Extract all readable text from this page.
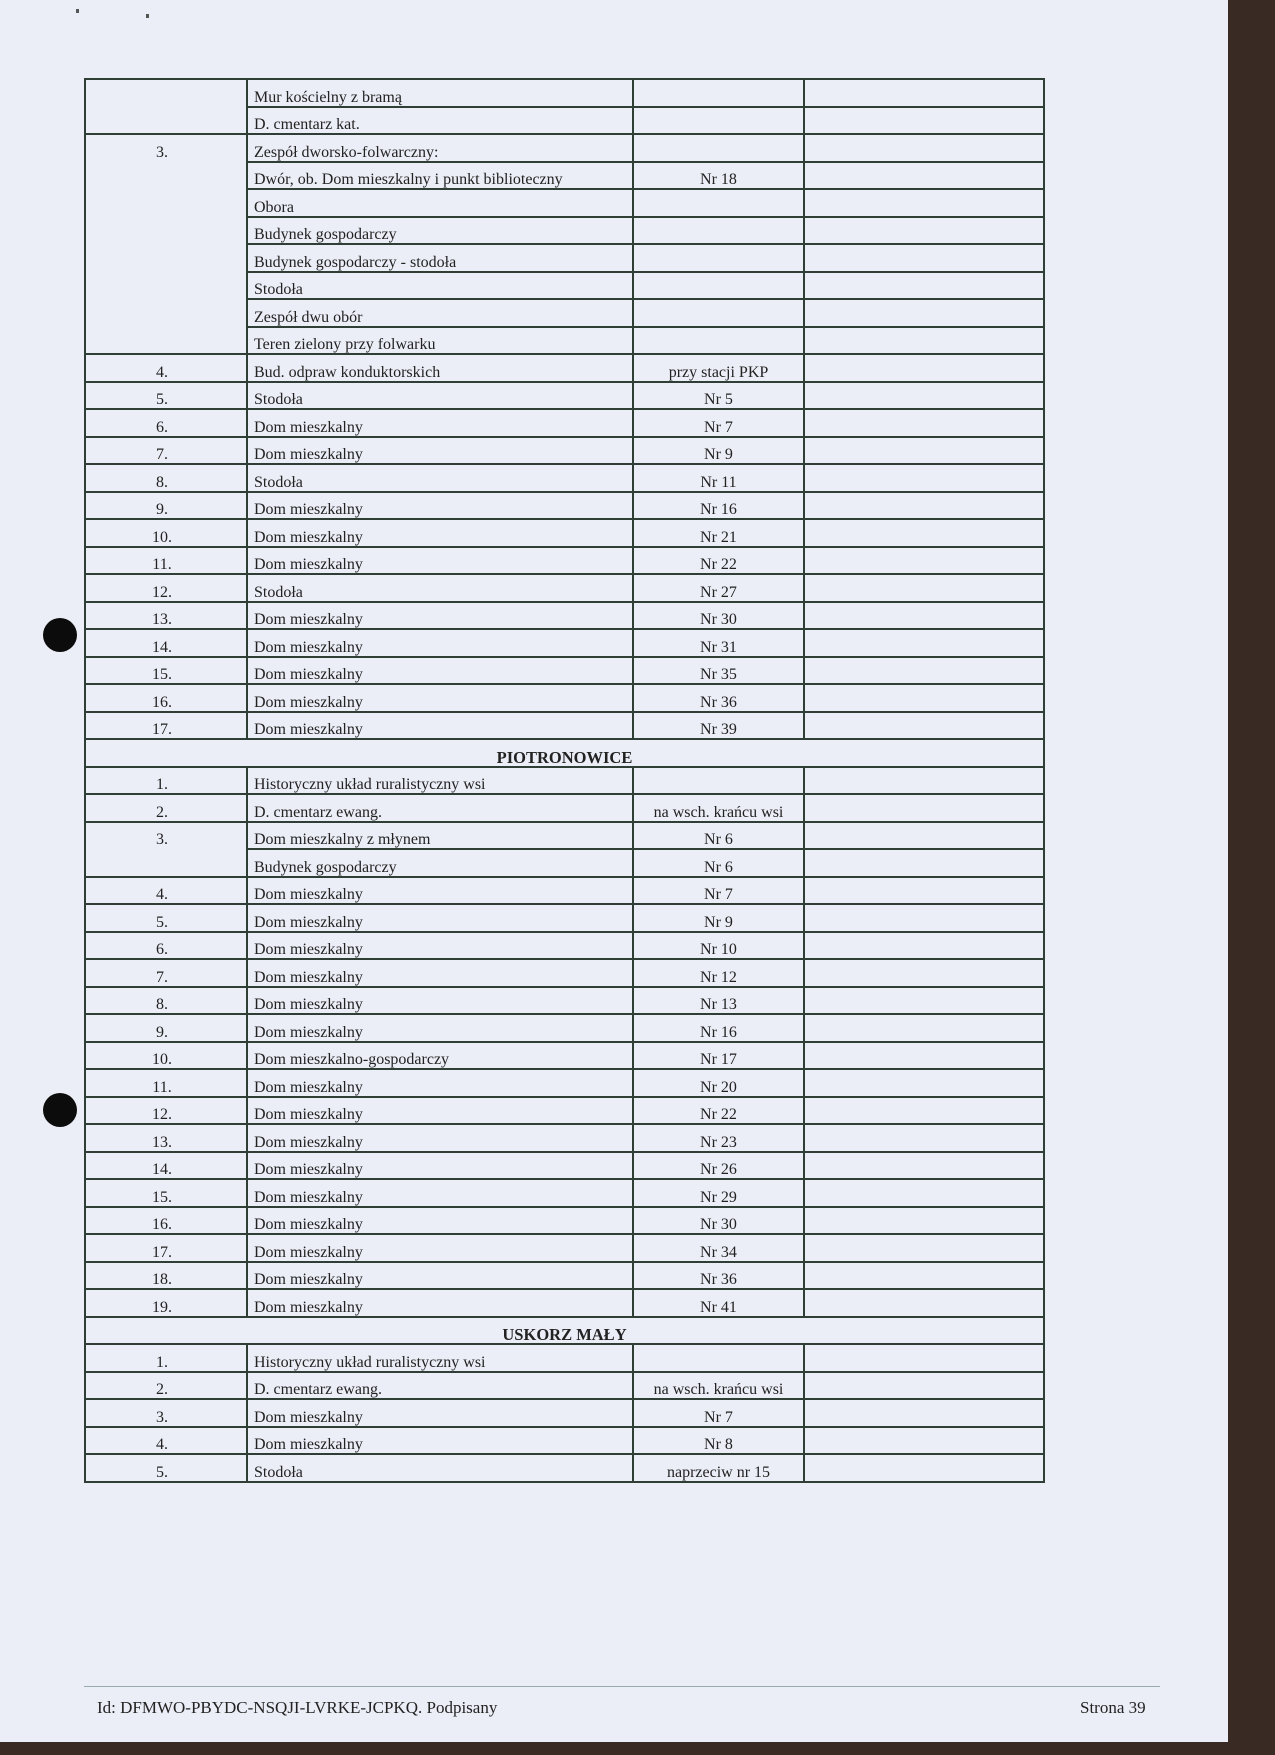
	Mur kościelny z bramą		
	D. cmentarz kat.		
3.	Zespół dworsko-folwarczny:		
	Dwór, ob. Dom mieszkalny i punkt biblioteczny	Nr 18	
	Obora		
	Budynek gospodarczy		
	Budynek gospodarczy - stodoła		
	Stodoła		
	Zespół dwu obór		
	Teren zielony przy folwarku		
4.	Bud. odpraw konduktorskich	przy stacji PKP	
5.	Stodoła	Nr 5	
6.	Dom mieszkalny	Nr 7	
7.	Dom mieszkalny	Nr 9	
8.	Stodoła	Nr 11	
9.	Dom mieszkalny	Nr 16	
10.	Dom mieszkalny	Nr 21	
11.	Dom mieszkalny	Nr 22	
12.	Stodoła	Nr 27	
13.	Dom mieszkalny	Nr 30	
14.	Dom mieszkalny	Nr 31	
15.	Dom mieszkalny	Nr 35	
16.	Dom mieszkalny	Nr 36	
17.	Dom mieszkalny	Nr 39	
PIOTRONOWICE			
1.	Historyczny układ ruralistyczny wsi		
2.	D. cmentarz ewang.	na wsch. krańcu wsi	
3.	Dom mieszkalny z młynem	Nr 6	
	Budynek gospodarczy	Nr 6	
4.	Dom mieszkalny	Nr 7	
5.	Dom mieszkalny	Nr 9	
6.	Dom mieszkalny	Nr 10	
7.	Dom mieszkalny	Nr 12	
8.	Dom mieszkalny	Nr 13	
9.	Dom mieszkalny	Nr 16	
10.	Dom mieszkalno-gospodarczy	Nr 17	
11.	Dom mieszkalny	Nr 20	
12.	Dom mieszkalny	Nr 22	
13.	Dom mieszkalny	Nr 23	
14.	Dom mieszkalny	Nr 26	
15.	Dom mieszkalny	Nr 29	
16.	Dom mieszkalny	Nr 30	
17.	Dom mieszkalny	Nr 34	
18.	Dom mieszkalny	Nr 36	
19.	Dom mieszkalny	Nr 41	
USKORZ MAŁY			
1.	Historyczny układ ruralistyczny wsi		
2.	D. cmentarz ewang.	na wsch. krańcu wsi	
3.	Dom mieszkalny	Nr 7	
4.	Dom mieszkalny	Nr 8	
5.	Stodoła	naprzeciw nr 15	
Id: DFMWO-PBYDC-NSQJI-LVRKE-JCPKQ. Podpisany	Strona 39
